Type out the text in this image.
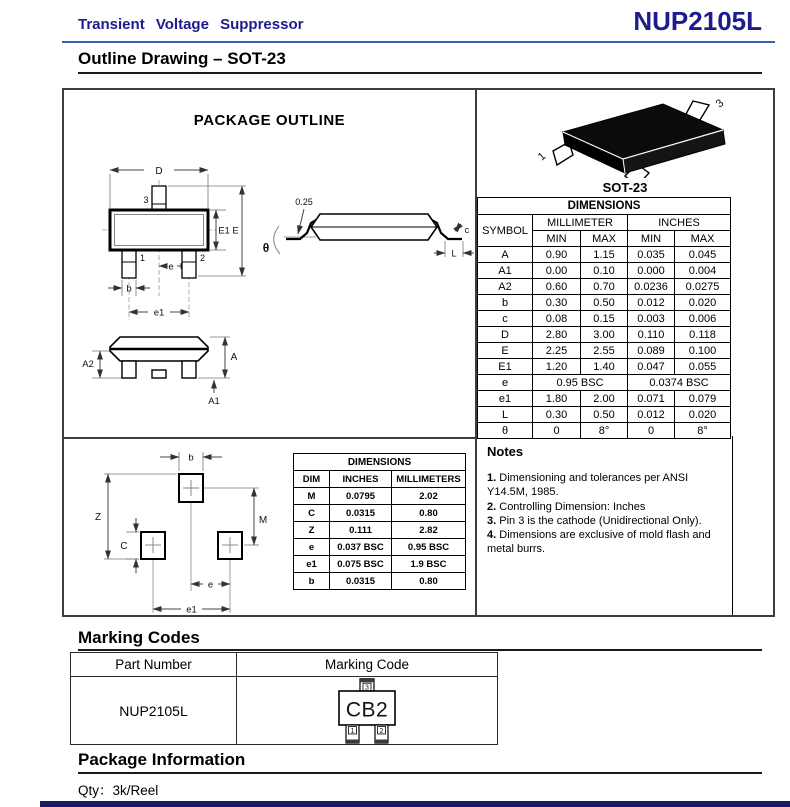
Transient Voltage Suppressor	NUP2105L
Outline Drawing – SOT-23
PACKAGE OUTLINE
D
3
E1 E
1	2
e
b
e1
A
A2
A1
0.25
θ
c
L
b
Z	M
C
e
e1
DIMENSIONS		
DIM	INCHES	MILLIMETERS
M	0.0795	2.02
C	0.0315	0.80
Z	0.111	2.82
e	0.037 BSC	0.95 BSC
e1	0.075 BSC	1.9 BSC
b	0.0315	0.80
3
1
SOT-23
DIMENSIONS				
SYMBOL	MILLIMETER		INCHES	
	MIN	MAX	MIN	MAX
A	0.90	1.15	0.035	0.045
A1	0.00	0.10	0.000	0.004
A2	0.60	0.70	0.0236	0.0275
b	0.30	0.50	0.012	0.020
c	0.08	0.15	0.003	0.006
D	2.80	3.00	0.110	0.118
E	2.25	2.55	0.089	0.100
E1	1.20	1.40	0.047	0.055
e	0.95 BSC		0.0374 BSC	
e1	1.80	2.00	0.071	0.079
L	0.30	0.50	0.012	0.020
θ	0	8°	0	8°
Notes
1. Dimensioning and tolerances per ANSI Y14.5M, 1985.
2. Controlling Dimension: Inches
3. Pin 3 is the cathode (Unidirectional Only).
4. Dimensions are exclusive of mold flash and metal burrs.
Marking Codes
Part Number	Marking Code
NUP2105L	3
CB2
1 2
Package Information
Qty：3k/Reel
